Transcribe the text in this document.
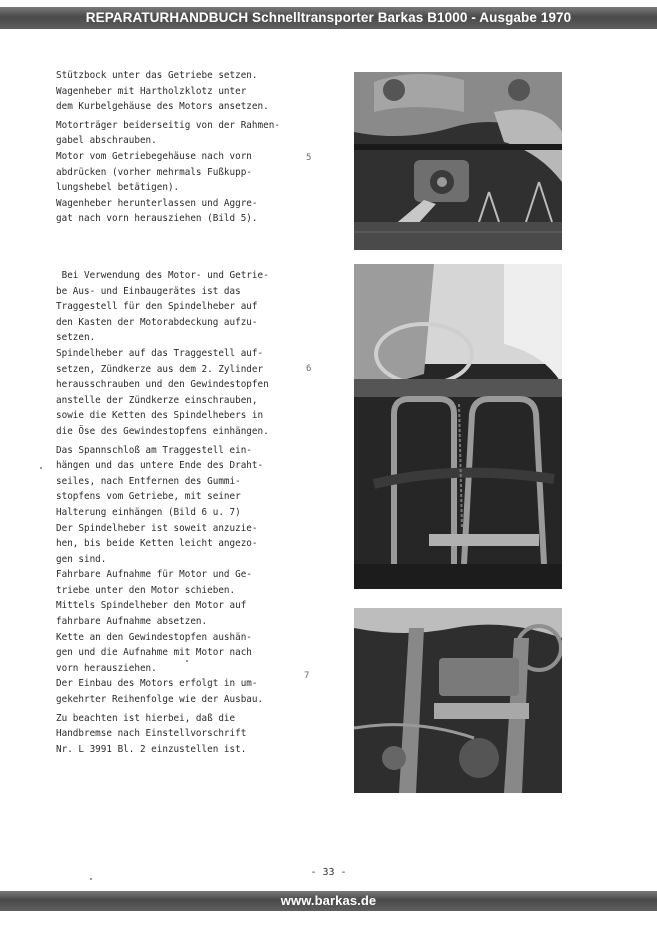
REPARATURHANDBUCH Schnelltransporter Barkas B1000 - Ausgabe 1970

Stützbock unter das Getriebe setzen.
Wagenheber mit Hartholzklotz unter
dem Kurbelgehäuse des Motors ansetzen.

Motorträger beiderseitig von der Rahmen-
gabel abschrauben.
Motor vom Getriebegehäuse nach vorn
abdrücken (vorher mehrmals Fußkupp-
lungshebel betätigen).
Wagenheber herunterlassen und Aggre-
gat nach vorn herausziehen (Bild 5).

Bei Verwendung des Motor- und Getrie-
be Aus- und Einbaugerätes ist das
Traggestell für den Spindelheber auf
den Kasten der Motorabdeckung aufzu-
setzen.
Spindelheber auf das Traggestell auf-
setzen, Zündkerze aus dem 2. Zylinder
herausschrauben und den Gewindestopfen
anstelle der Zündkerze einschrauben,
sowie die Ketten des Spindelhebers in
die Öse des Gewindestopfens einhängen.

Das Spannschloß am Traggestell ein-
hängen und das untere Ende des Draht-
seiles, nach Entfernen des Gummi-
stopfens vom Getriebe, mit seiner
Halterung einhängen (Bild 6 u. 7)
Der Spindelheber ist soweit anzuzie-
hen, bis beide Ketten leicht angezo-
gen sind.
Fahrbare Aufnahme für Motor und Ge-
triebe unter den Motor schieben.
Mittels Spindelheber den Motor auf
fahrbare Aufnahme absetzen.
Kette an den Gewindestopfen aushän-
gen und die Aufnahme mit Motor nach
vorn herausziehen.
Der Einbau des Motors erfolgt in um-
gekehrter Reihenfolge wie der Ausbau.

Zu beachten ist hierbei, daß die
Handbremse nach Einstellvorschrift
Nr. L 3991 Bl. 2 einzustellen ist.

5
6
7
- 33 -
www.barkas.de
